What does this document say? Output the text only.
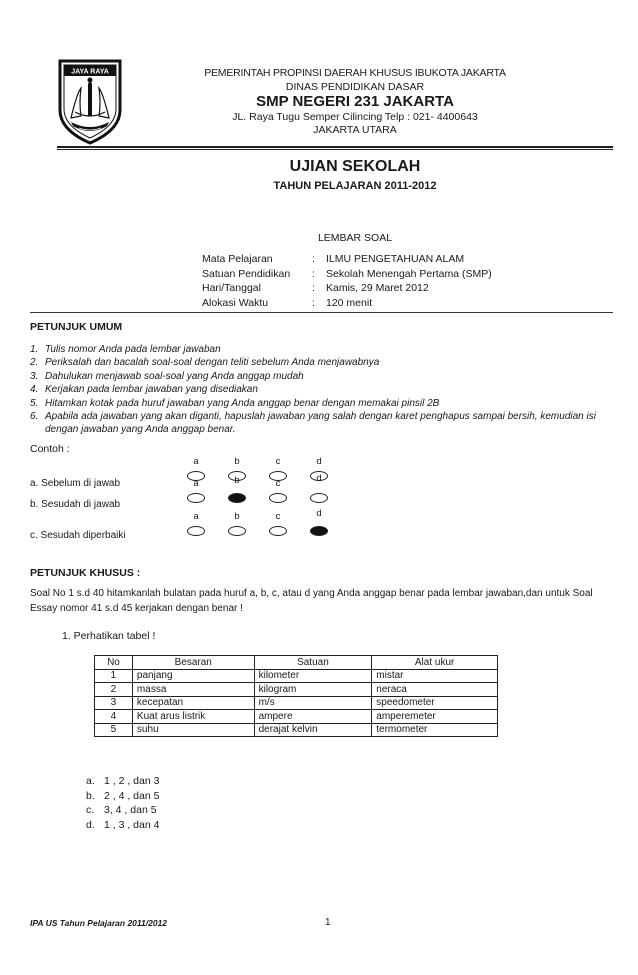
JAYA RAYA	PEMERINTAH PROPINSI DAERAH KHUSUS IBUKOTA JAKARTA
DINAS PENDIDIKAN DASAR
SMP NEGERI 231 JAKARTA
JL. Raya Tugu Semper Cilincing Telp : 021- 4400643
JAKARTA UTARA
UJIAN SEKOLAH
TAHUN PELAJARAN 2011-2012
LEMBAR SOAL
Mata Pelajaran	:	ILMU PENGETAHUAN ALAM
Satuan Pendidikan	:	Sekolah Menengah Pertama (SMP)
Hari/Tanggal	:	Kamis, 29 Maret 2012
Alokasi Waktu	:	120 menit
PETUNJUK UMUM
1. Tulis nomor Anda pada lembar jawaban
2. Periksalah dan bacalah soal-soal dengan teliti sebelum Anda menjawabnya
3. Dahulukan menjawab soal-soal yang Anda anggap mudah
4. Kerjakan pada lembar jawaban yang disediakan
5. Hitamkan kotak pada huruf jawaban yang Anda anggap benar dengan memakai pinsil 2B
6. Apabila ada jawaban yang akan diganti, hapuslah jawaban yang salah dengan karet penghapus sampai bersih, kemudian isi dengan jawaban yang Anda anggap benar.
Contoh :
a. Sebelum di jawab
a	b	c	d
b. Sesudah di jawab
a	b	c	d
c. Sesudah diperbaiki
a	b	c	d
PETUNJUK KHUSUS :
Soal No 1 s.d 40 hitamkanlah bulatan pada huruf a, b, c, atau d yang Anda anggap benar pada lembar jawaban,dan untuk Soal Essay nomor 41 s.d 45 kerjakan dengan benar !
1. Perhatikan tabel !
No	Besaran	Satuan	Alat ukur
1	panjang	kilometer	mistar
2	massa	kilogram	neraca
3	kecepatan	m/s	speedometer
4	Kuat arus listrik	ampere	amperemeter
5	suhu	derajat kelvin	termometer
a. 1 , 2 , dan 3
b. 2 , 4 , dan 5
c. 3, 4 , dan 5
d. 1 , 3 , dan 4
IPA US Tahun Pelajaran 2011/2012	1
